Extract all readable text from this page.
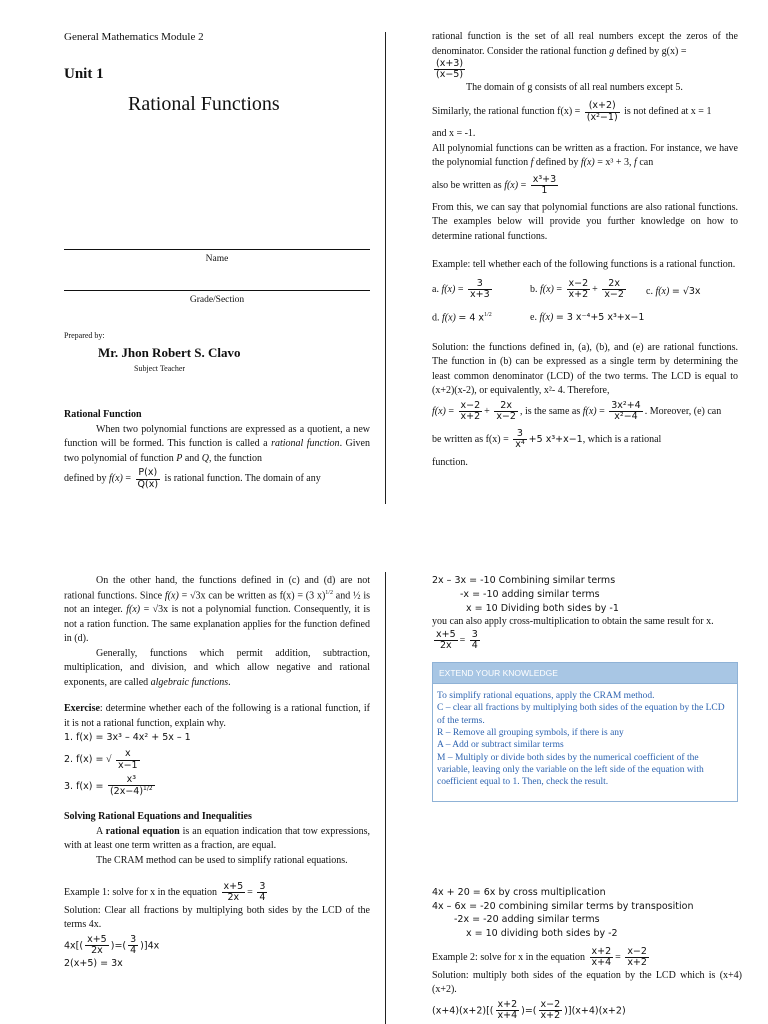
General Mathematics Module 2

Unit 1

Rational Functions

Name

Grade/Section

Prepared by:

Mr. Jhon Robert S. Clavo

Subject Teacher

Rational Function

When two polynomial functions are expressed as a quotient, a new function will be formed. This function is called a rational function. Given two polynomial of function P and Q, the function

defined by $f(x) = \frac{P(x)}{Q(x)}$ is rational function. The domain of any

rational function is the set of all real numbers except the zeros of the denominator. Consider the rational function g defined by g(x) =

$\frac{(x+3)}{(x-5)}$

The domain of g consists of all real numbers except 5.

Similarly, the rational function $f(x) = \frac{(x+2)}{\text{(x²−1)}}$ is not defined at x = 1

and x = -1.

All polynomial functions can be written as a fraction. For instance, we have the polynomial function f defined by f(x) = x³ + 3, f can

also be written as $f(x) = \frac{\text{x³+3}}{1}$

From this, we can say that polynomial functions are also rational functions. The examples below will provide you further knowledge on how to determine rational functions.

Example: tell whether each of the following functions is a rational function.

a. $f(x) = \frac{3}{x+3}$	b. $f(x) = \frac{x-2}{x+2} + \frac{2x}{x-2} c$. f(x) = √3x
d. f(x) = 4 $x^{1/2}$	e. f(x) = 3 x⁻⁴+5 x³+x−1

Solution: the functions defined in, (a), (b), and (e) are rational functions. The function in (b) can be expressed as a single term by determining the least common denominator (LCD) of the two terms. The LCD is equal to (x+2)(x-2), or equivalently, x²- 4. Therefore,

$f(x) = \frac{x-2}{x+2} + \frac{2x}{x-2}$ , is the same as $f(x) = \frac{\text{3x²+4}}{\text{x²−4}}$ . Moreover, (e) can

be written as $f(x) = \frac{3}{\text{x⁴}} +5$ x³+x−1, which is a rational

function.

On the other hand, the functions defined in (c) and (d) are not rational functions. Since f(x) = √3x can be written as f(x) = (3 x)$^{1/2}$ and ½ is not an integer. f(x) = √3x is not a polynomial function. Consequently, it is not a ration function. The same explanation applies for the function defined in (d).

Generally, functions which permit addition, subtraction, multiplication, and division, and which allow negative and rational exponents, are called algebraic functions.

Exercise: determine whether each of the following is a rational function, if it is not a rational function, explain why.

1. f(x) = 3x³ – 4x² + 5x – 1

2. f(x) = √ $\frac{x}{x-1}$

3. $f(x) = \frac{\text{x³}}{(2x-4)^{1/2}}$

Solving Rational Equations and Inequalities

A rational equation is an equation indication that tow expressions, with at least one term written as a fraction, are equal.

The CRAM method can be used to simplify rational equations.

Example 1: solve for x in the equation $\frac{x+5}{2x} = \frac{3}{4}$

Solution: Clear all fractions by multiplying both sides by the LCD of the terms 4x.

$4x[( \frac{x+5}{2x}$ )=( $\frac{3}{4} )]4x$

2(x+5) = 3x

2x – 3x = -10 Combining similar terms

-x = -10 adding similar terms

x = 10 Dividing both sides by -1

you can also apply cross-multiplication to obtain the same result for x.

$\frac{x+5}{2x} = \frac{3}{4}$

EXTEND YOUR KNOWLEDGE

To simplify rational equations, apply the CRAM method.

C – clear all fractions by multiplying both sides of the equation by the LCD of the terms.

R – Remove all grouping symbols, if there is any

A – Add or subtract similar terms

M – Multiply or divide both sides by the numerical coefficient of the variable, leaving only the variable on the left side of the equation with coefficient equal to 1. Then, check the result.

4x + 20 = 6x by cross multiplication

4x – 6x = -20 combining similar terms by transposition

-2x = -20 adding similar terms

x = 10 dividing both sides by -2

Example 2: solve for x in the equation $\frac{x+2}{x+4} = \frac{x-2}{x+2}$

Solution: multiply both sides of the equation by the LCD which is (x+4)(x+2).

$(x+4)(x+2)[( \frac{x+2}{x+4}$ )=( $\frac{x-2}{x+2} )](x+4)(x+2)$
